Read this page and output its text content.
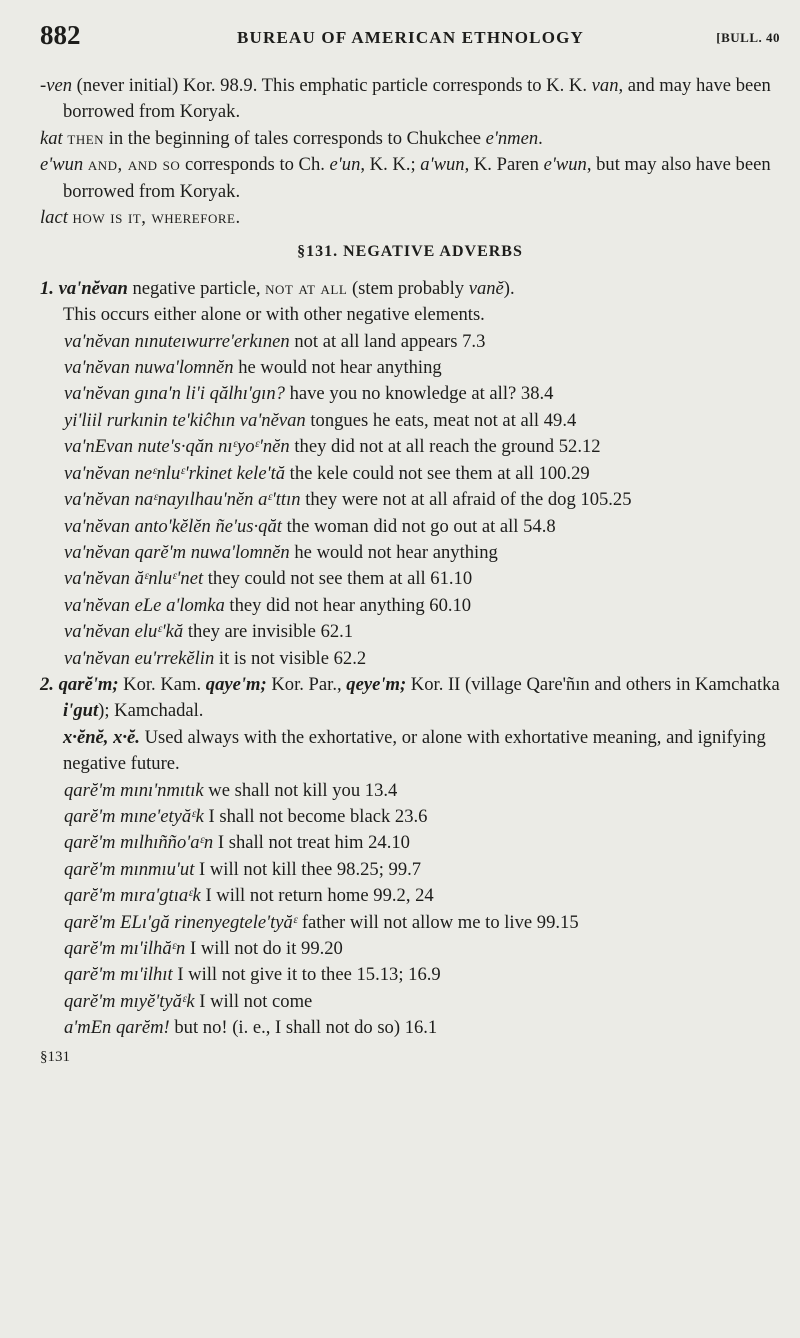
882	BUREAU OF AMERICAN ETHNOLOGY	[BULL. 40

-ven (never initial) Kor. 98.9. This emphatic particle corresponds to K. K. van, and may have been borrowed from Koryak.

kat then in the beginning of tales corresponds to Chukchee e'nmen.

e'wun and, and so corresponds to Ch. e'un, K. K.; a'wun, K. Paren e'wun, but may also have been borrowed from Koryak.

lact how is it, wherefore.

§131. NEGATIVE ADVERBS

1. va'nĕvan negative particle, not at all (stem probably vanĕ).
This occurs either alone or with other negative elements.

va'nĕvan nınuteıwurre'erkınen not at all land appears 7.3

va'nĕvan nuwa'lomnĕn he would not hear anything

va'nĕvan gına'n li'i qălhı'gın? have you no knowledge at all? 38.4

yi'liil rurkınin te'kiĉhın va'nĕvan tongues he eats, meat not at all 49.4

va'nEvan nute's·qăn nıᵋyoᵋ'nĕn they did not at all reach the ground 52.12

va'nĕvan neᵋnluᵋ'rkinet kele'tă the kele could not see them at all 100.29

va'nĕvan naᵋnayılhau'nĕn aᵋ'ttın they were not at all afraid of the dog 105.25

va'nĕvan anto'kĕlĕn ñe'us·qăt the woman did not go out at all 54.8

va'nĕvan qarĕ'm nuwa'lomnĕn he would not hear anything

va'nĕvan ăᵋnluᵋ'net they could not see them at all 61.10

va'nĕvan eLe a'lomka they did not hear anything 60.10

va'nĕvan eluᵋ'kă they are invisible 62.1

va'nĕvan eu'rrekĕlin it is not visible 62.2

2. qarĕ'm; Kor. Kam. qaye'm; Kor. Par., qeye'm; Kor. II (village Qare'ñın and others in Kamchatka i'gut); Kamchadal.
x·ĕnĕ, x·ĕ. Used always with the exhortative, or alone with exhortative meaning, and ignifying negative future.

qarĕ'm mını'nmıtık we shall not kill you 13.4

qarĕ'm mıne'etyăᵋk I shall not become black 23.6

qarĕ'm mılhıñño'aᵋn I shall not treat him 24.10

qarĕ'm mınmıu'ut I will not kill thee 98.25; 99.7

qarĕ'm mıra'gtıaᵋk I will not return home 99.2, 24

qarĕ'm ELı'gă rinenyegtele'tyăᵋ father will not allow me to live 99.15

qarĕ'm mı'ilhăᵋn I will not do it 99.20

qarĕ'm mı'ilhıt I will not give it to thee 15.13; 16.9

qarĕ'm mıyĕ'tyăᵋk I will not come

a'mEn qarĕm! but no! (i. e., I shall not do so) 16.1

§131
